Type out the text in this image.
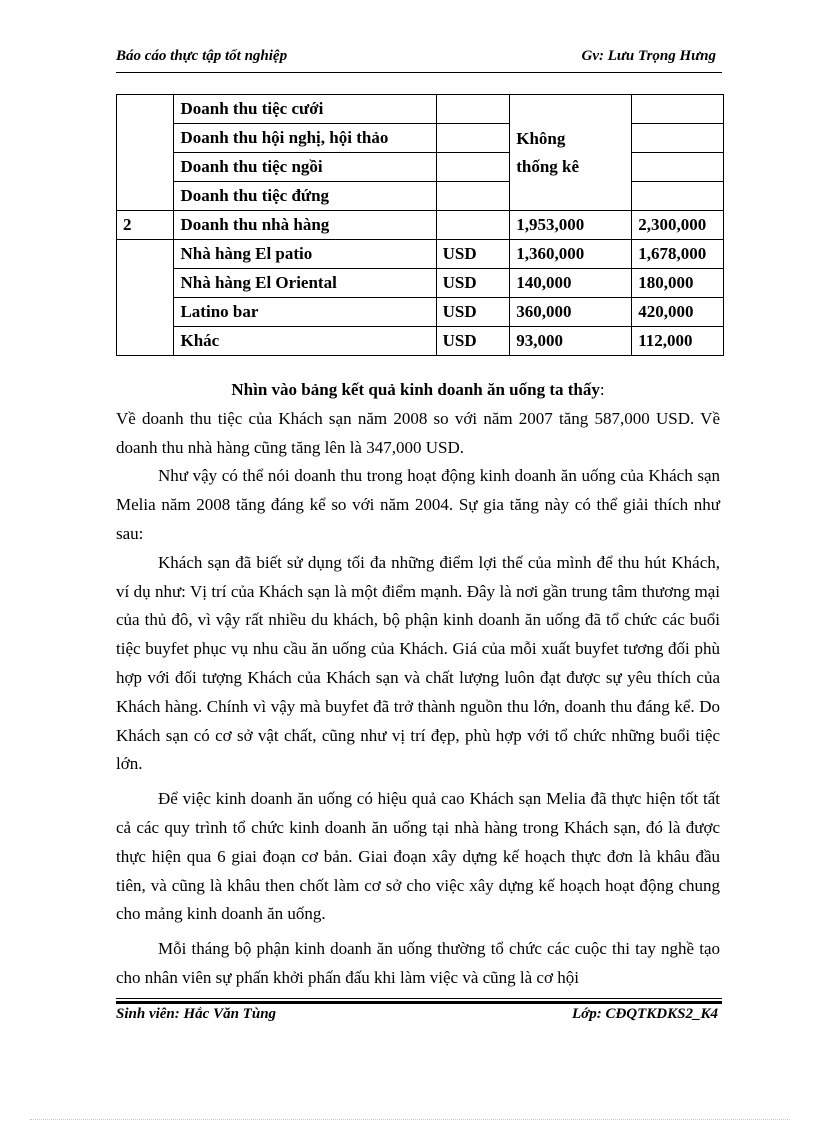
Báo cáo thực tập tốt nghiệp	Gv: Lưu Trọng Hưng
	Doanh thu tiệc cưới		Không
thống kê	

	Doanh thu hội nghị, hội thảo			
	Doanh thu tiệc ngồi			
	Doanh thu tiệc đứng			
2	Doanh thu nhà hàng		1,953,000	2,300,000
	Nhà hàng El patio	USD	1,360,000	1,678,000
	Nhà hàng El Oriental	USD	140,000	180,000
	Latino bar	USD	360,000	420,000
	Khác	USD	93,000	112,000

Nhìn vào bảng kết quả kinh doanh ăn uống ta thấy:

Về doanh thu tiệc của Khách sạn năm 2008 so với năm 2007 tăng 587,000 USD. Về doanh thu nhà hàng cũng tăng lên là 347,000 USD.

Như vậy có thể nói doanh thu trong hoạt động kinh doanh ăn uống của Khách sạn Melia năm 2008 tăng đáng kể so với năm 2004. Sự gia tăng này có thể giải thích như sau:

Khách sạn đã biết sử dụng tối đa những điểm lợi thế của mình để thu hút Khách, ví dụ như: Vị trí của Khách sạn là một điểm mạnh. Đây là nơi gần trung tâm thương mại của thủ đô, vì vậy rất nhiều du khách, bộ phận kinh doanh ăn uống đã tổ chức các buổi tiệc buyfet phục vụ nhu cầu ăn uống của Khách. Giá của mỗi xuất buyfet tương đối phù hợp với đối tượng Khách của Khách sạn và chất lượng luôn đạt được sự yêu thích của Khách hàng. Chính vì vậy mà buyfet đã trở thành nguồn thu lớn, doanh thu đáng kể. Do Khách sạn có cơ sở vật chất, cũng như vị trí đẹp, phù hợp với tổ chức những buổi tiệc lớn.

Để việc kinh doanh ăn uống có hiệu quả cao Khách sạn Melia đã thực hiện tốt tất cả các quy trình tổ chức kinh doanh ăn uống tại nhà hàng trong Khách sạn, đó là được thực hiện qua 6 giai đoạn cơ bản. Giai đoạn xây dựng kế hoạch thực đơn là khâu đầu tiên, và cũng là khâu then chốt làm cơ sở cho việc xây dựng kế hoạch hoạt động chung cho mảng kinh doanh ăn uống.

Mỗi tháng bộ phận kinh doanh ăn uống thường tổ chức các cuộc thi tay nghề tạo cho nhân viên sự phấn khởi phấn đấu khi làm việc và cũng là cơ hội

Sinh viên: Hắc Văn Tùng	Lớp: CĐQTKDKS2_K4
